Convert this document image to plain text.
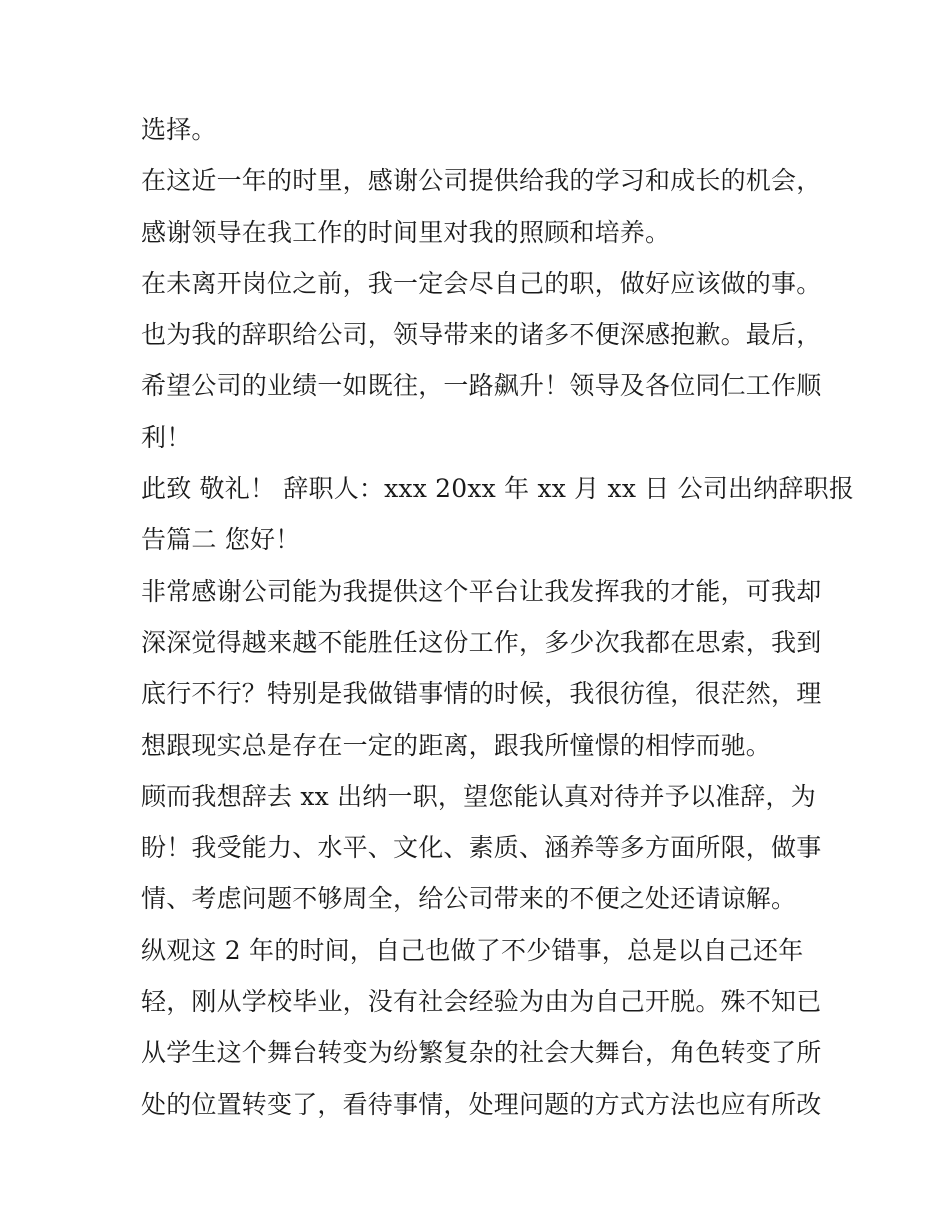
选择。
在这近一年的时里，感谢公司提供给我的学习和成长的机会，
感谢领导在我工作的时间里对我的照顾和培养。
在未离开岗位之前，我一定会尽自己的职，做好应该做的事。
也为我的辞职给公司，领导带来的诸多不便深感抱歉。最后，
希望公司的业绩一如既往，一路飙升！领导及各位同仁工作顺
利！
此致 敬礼！ 辞职人：xxx 20xx 年 xx 月 xx 日 公司出纳辞职报
告篇二 您好！
非常感谢公司能为我提供这个平台让我发挥我的才能，可我却
深深觉得越来越不能胜任这份工作，多少次我都在思索，我到
底行不行？特别是我做错事情的时候，我很彷徨，很茫然，理
想跟现实总是存在一定的距离，跟我所憧憬的相悖而驰。
顾而我想辞去 xx 出纳一职，望您能认真对待并予以准辞，为
盼！我受能力、水平、文化、素质、涵养等多方面所限，做事
情、考虑问题不够周全，给公司带来的不便之处还请谅解。
纵观这 2 年的时间，自己也做了不少错事，总是以自己还年
轻，刚从学校毕业，没有社会经验为由为自己开脱。殊不知已
从学生这个舞台转变为纷繁复杂的社会大舞台，角色转变了所
处的位置转变了，看待事情，处理问题的方式方法也应有所改
